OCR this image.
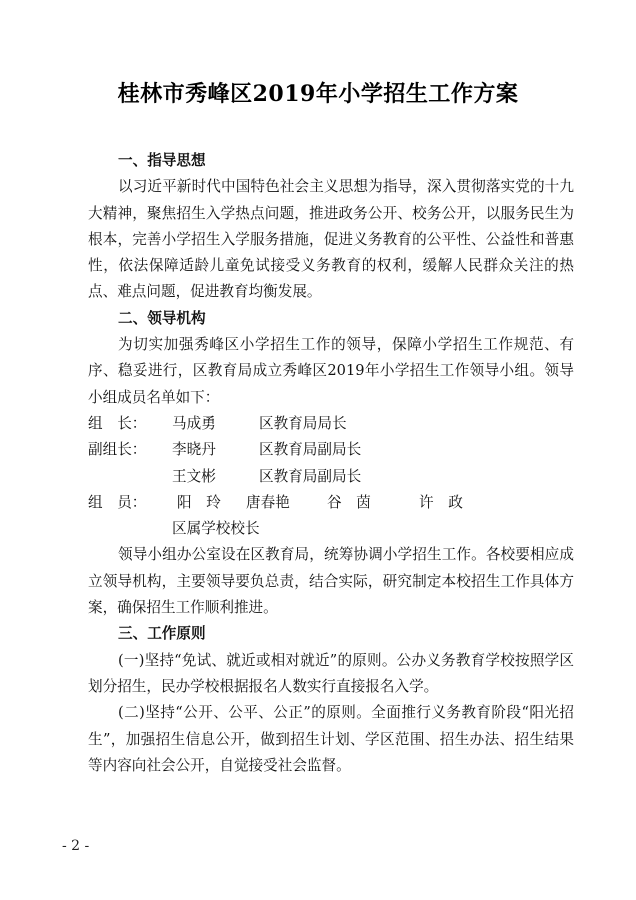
桂林市秀峰区2019年小学招生工作方案
一、指导思想
以习近平新时代中国特色社会主义思想为指导，深入贯彻落实党的十九大精神，聚焦招生入学热点问题，推进政务公开、校务公开，以服务民生为根本，完善小学招生入学服务措施，促进义务教育的公平性、公益性和普惠性，依法保障适龄儿童免试接受义务教育的权利，缓解人民群众关注的热点、难点问题，促进教育均衡发展。
二、领导机构
为切实加强秀峰区小学招生工作的领导，保障小学招生工作规范、有序、稳妥进行，区教育局成立秀峰区2019年小学招生工作领导小组。领导小组成员名单如下：
组　长： 马成勇	区教育局局长
副组长： 李晓丹	区教育局副局长
王文彬	区教育局副局长
组　员： 阳　玲 唐春艳	谷　茵	许　政
区属学校校长
领导小组办公室设在区教育局，统筹协调小学招生工作。各校要相应成立领导机构，主要领导要负总责，结合实际，研究制定本校招生工作具体方案，确保招生工作顺利推进。
三、工作原则
(一)坚持“免试、就近或相对就近”的原则。公办义务教育学校按照学区划分招生，民办学校根据报名人数实行直接报名入学。
(二)坚持“公开、公平、公正”的原则。全面推行义务教育阶段“阳光招生”，加强招生信息公开，做到招生计划、学区范围、招生办法、招生结果等内容向社会公开，自觉接受社会监督。
- 2 -
